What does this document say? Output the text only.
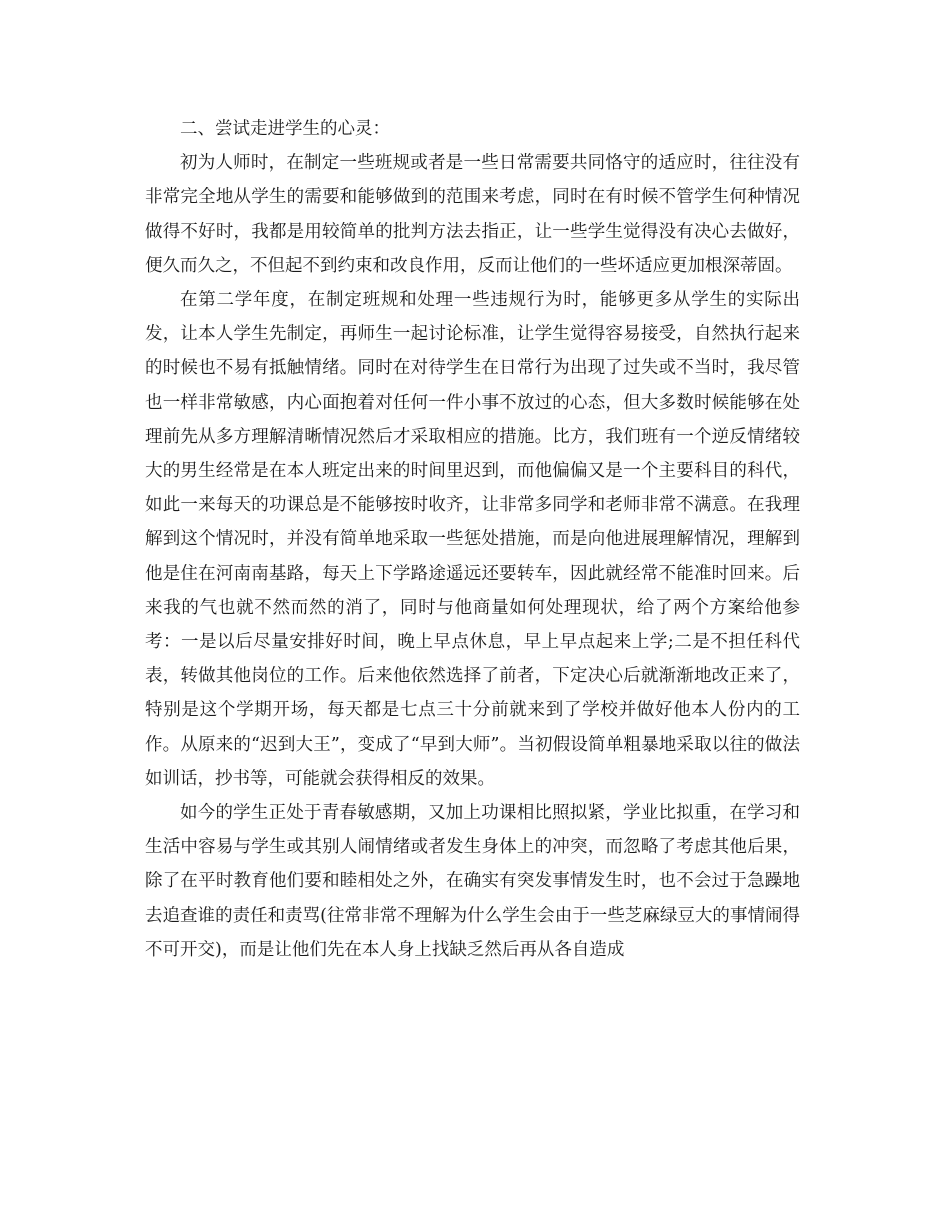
二、尝试走进学生的心灵：

初为人师时，在制定一些班规或者是一些日常需要共同恪守的适应时，往往没有非常完全地从学生的需要和能够做到的范围来考虑，同时在有时候不管学生何种情况做得不好时，我都是用较简单的批判方法去指正，让一些学生觉得没有决心去做好，便久而久之，不但起不到约束和改良作用，反而让他们的一些坏适应更加根深蒂固。

在第二学年度，在制定班规和处理一些违规行为时，能够更多从学生的实际出发，让本人学生先制定，再师生一起讨论标准，让学生觉得容易接受，自然执行起来的时候也不易有抵触情绪。同时在对待学生在日常行为出现了过失或不当时，我尽管也一样非常敏感，内心面抱着对任何一件小事不放过的心态，但大多数时候能够在处理前先从多方理解清晰情况然后才采取相应的措施。比方，我们班有一个逆反情绪较大的男生经常是在本人班定出来的时间里迟到，而他偏偏又是一个主要科目的科代，如此一来每天的功课总是不能够按时收齐，让非常多同学和老师非常不满意。在我理解到这个情况时，并没有简单地采取一些惩处措施，而是向他进展理解情况，理解到他是住在河南南基路，每天上下学路途遥远还要转车，因此就经常不能准时回来。后来我的气也就不然而然的消了，同时与他商量如何处理现状，给了两个方案给他参考：一是以后尽量安排好时间，晚上早点休息，早上早点起来上学;二是不担任科代表，转做其他岗位的工作。后来他依然选择了前者，下定决心后就渐渐地改正来了，特别是这个学期开场，每天都是七点三十分前就来到了学校并做好他本人份内的工作。从原来的“迟到大王”，变成了“早到大师”。当初假设简单粗暴地采取以往的做法如训话，抄书等，可能就会获得相反的效果。

如今的学生正处于青春敏感期，又加上功课相比照拟紧，学业比拟重，在学习和生活中容易与学生或其别人闹情绪或者发生身体上的冲突，而忽略了考虑其他后果，除了在平时教育他们要和睦相处之外，在确实有突发事情发生时，也不会过于急躁地去追查谁的责任和责骂(往常非常不理解为什么学生会由于一些芝麻绿豆大的事情闹得不可开交)，而是让他们先在本人身上找缺乏然后再从各自造成
